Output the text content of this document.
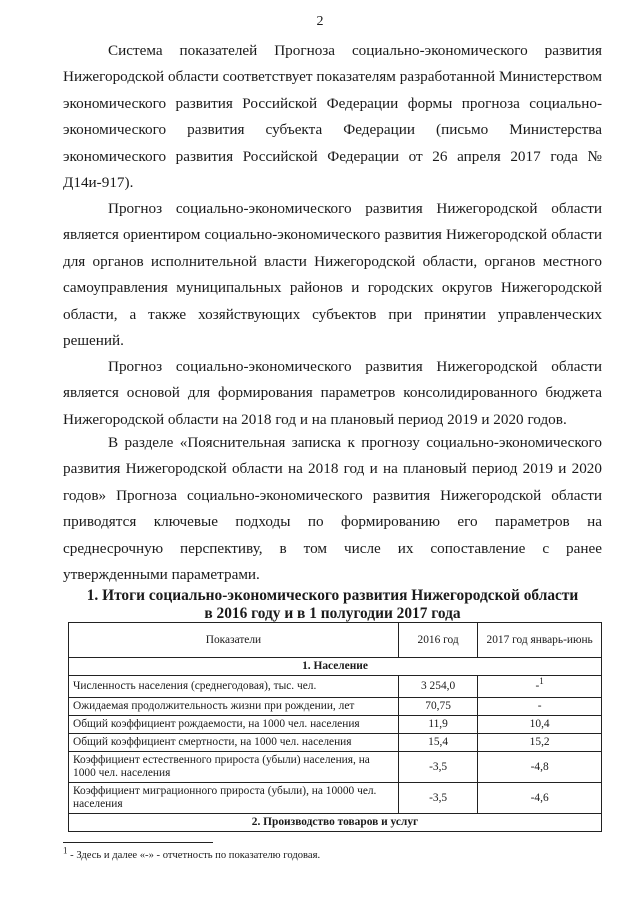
2

Система показателей Прогноза социально-экономического развития Нижегородской области соответствует показателям разработанной Министерством экономического развития Российской Федерации формы прогноза социально-экономического развития субъекта Федерации (письмо Министерства экономического развития Российской Федерации от 26 апреля 2017 года № Д14и-917).

Прогноз социально-экономического развития Нижегородской области является ориентиром социально-экономического развития Нижегородской области для органов исполнительной власти Нижегородской области, органов местного самоуправления муниципальных районов и городских округов Нижегородской области, а также хозяйствующих субъектов при принятии управленческих решений.

Прогноз социально-экономического развития Нижегородской области является основой для формирования параметров консолидированного бюджета Нижегородской области на 2018 год и на плановый период 2019 и 2020 годов.

В разделе «Пояснительная записка к прогнозу социально-экономического развития Нижегородской области на 2018 год и на плановый период 2019 и 2020 годов» Прогноза социально-экономического развития Нижегородской области приводятся ключевые подходы по формированию его параметров на среднесрочную перспективу, в том числе их сопоставление с ранее утвержденными параметрами.

1. Итоги социально-экономического развития Нижегородской области
в 2016 году и в 1 полугодии 2017 года
Показатели	2016 год	2017 год январь-июнь
1. Население		
Численность населения (среднегодовая), тыс. чел.	3 254,0	-$^1$
Ожидаемая продолжительность жизни при рождении, лет	70,75	-
Общий коэффициент рождаемости, на 1000 чел. населения	11,9	10,4
Общий коэффициент смертности, на 1000 чел. населения	15,4	15,2
Коэффициент естественного прироста (убыли) населения, на 1000 чел. населения	-3,5	-4,8
Коэффициент миграционного прироста (убыли), на 10000 чел. населения	-3,5	-4,6
2. Производство товаров и услуг		
$^1$ - Здесь и далее «-» - отчетность по показателю годовая.
